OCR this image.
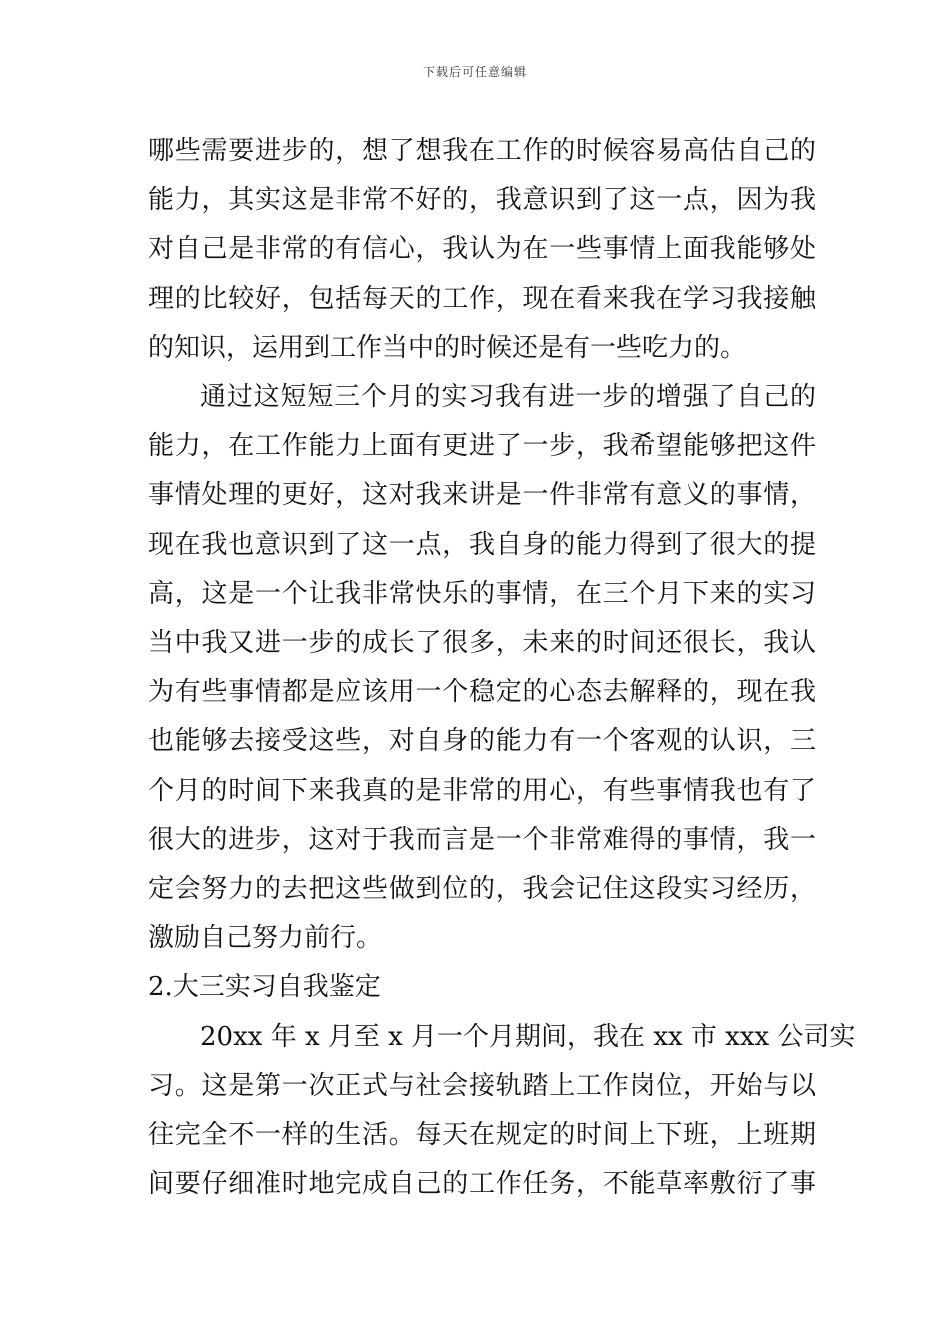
下载后可任意编辑
哪些需要进步的，想了想我在工作的时候容易高估自己的
能力，其实这是非常不好的，我意识到了这一点，因为我
对自己是非常的有信心，我认为在一些事情上面我能够处
理的比较好，包括每天的工作，现在看来我在学习我接触
的知识，运用到工作当中的时候还是有一些吃力的。
通过这短短三个月的实习我有进一步的增强了自己的
能力，在工作能力上面有更进了一步，我希望能够把这件
事情处理的更好，这对我来讲是一件非常有意义的事情，
现在我也意识到了这一点，我自身的能力得到了很大的提
高，这是一个让我非常快乐的事情，在三个月下来的实习
当中我又进一步的成长了很多，未来的时间还很长，我认
为有些事情都是应该用一个稳定的心态去解释的，现在我
也能够去接受这些，对自身的能力有一个客观的认识，三
个月的时间下来我真的是非常的用心，有些事情我也有了
很大的进步，这对于我而言是一个非常难得的事情，我一
定会努力的去把这些做到位的，我会记住这段实习经历，
激励自己努力前行。
2.大三实习自我鉴定
20xx 年 x 月至 x 月一个月期间，我在 xx 市 xxx 公司实
习。这是第一次正式与社会接轨踏上工作岗位，开始与以
往完全不一样的生活。每天在规定的时间上下班，上班期
间要仔细准时地完成自己的工作任务，不能草率敷衍了事
